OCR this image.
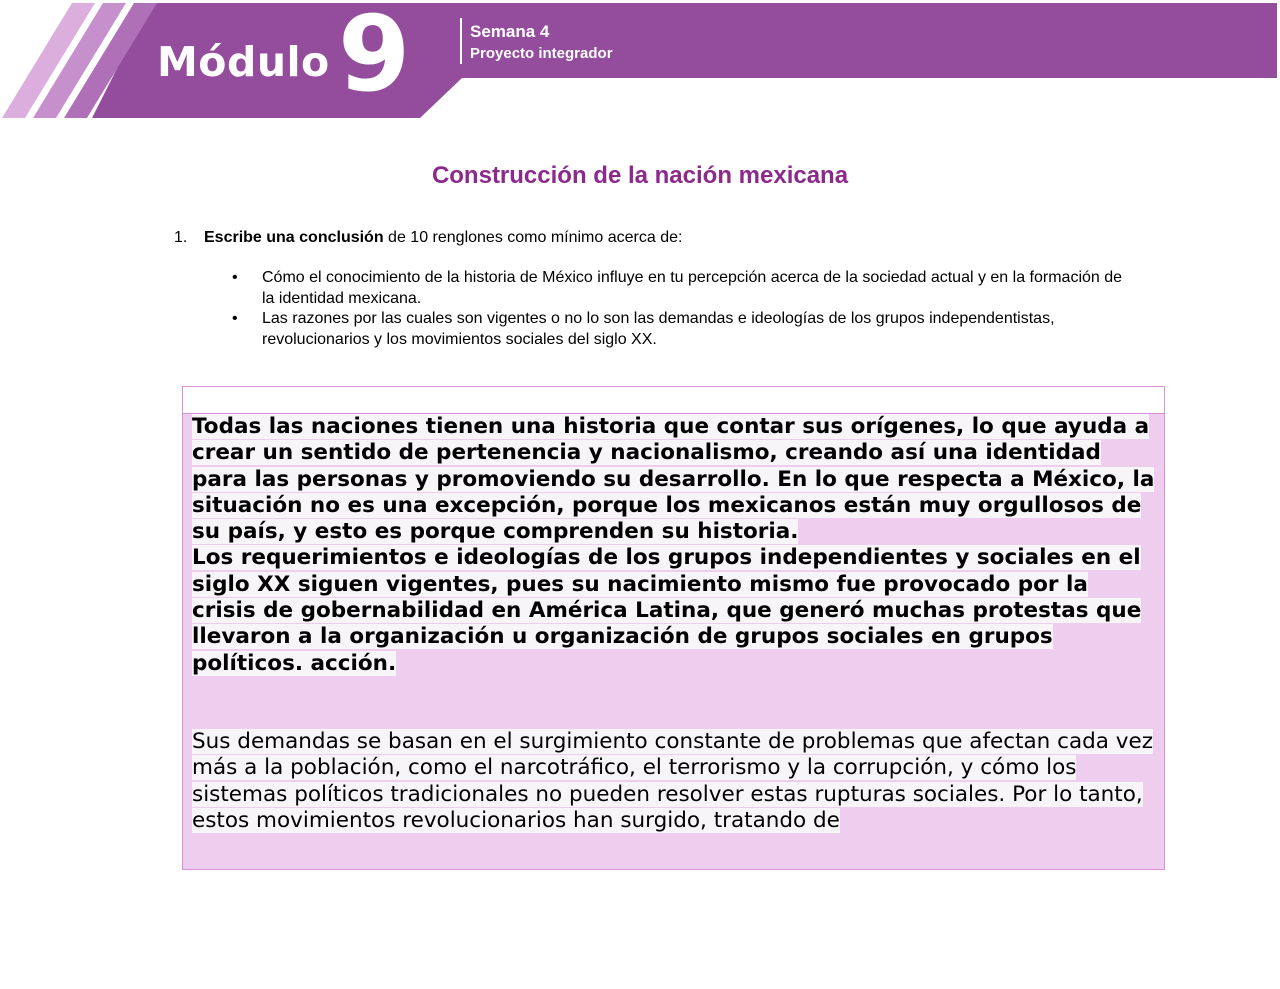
Módulo 9	Semana 4
Proyecto integrador
Construcción de la nación mexicana
1. Escribe una conclusión de 10 renglones como mínimo acerca de:
• Cómo el conocimiento de la historia de México influye en tu percepción acerca de la sociedad actual y en la formación de la identidad mexicana.
• Las razones por las cuales son vigentes o no lo son las demandas e ideologías de los grupos independentistas, revolucionarios y los movimientos sociales del siglo XX.
Todas las naciones tienen una historia que contar sus orígenes, lo que ayuda a crear un sentido de pertenencia y nacionalismo, creando así una identidad para las personas y promoviendo su desarrollo. En lo que respecta a México, la situación no es una excepción, porque los mexicanos están muy orgullosos de su país, y esto es porque comprenden su historia.
Los requerimientos e ideologías de los grupos independientes y sociales en el siglo XX siguen vigentes, pues su nacimiento mismo fue provocado por la crisis de gobernabilidad en América Latina, que generó muchas protestas que llevaron a la organización u organización de grupos sociales en grupos políticos. acción.
Sus demandas se basan en el surgimiento constante de problemas que afectan cada vez más a la población, como el narcotráfico, el terrorismo y la corrupción, y cómo los sistemas políticos tradicionales no pueden resolver estas rupturas sociales. Por lo tanto, estos movimientos revolucionarios han surgido, tratando de
